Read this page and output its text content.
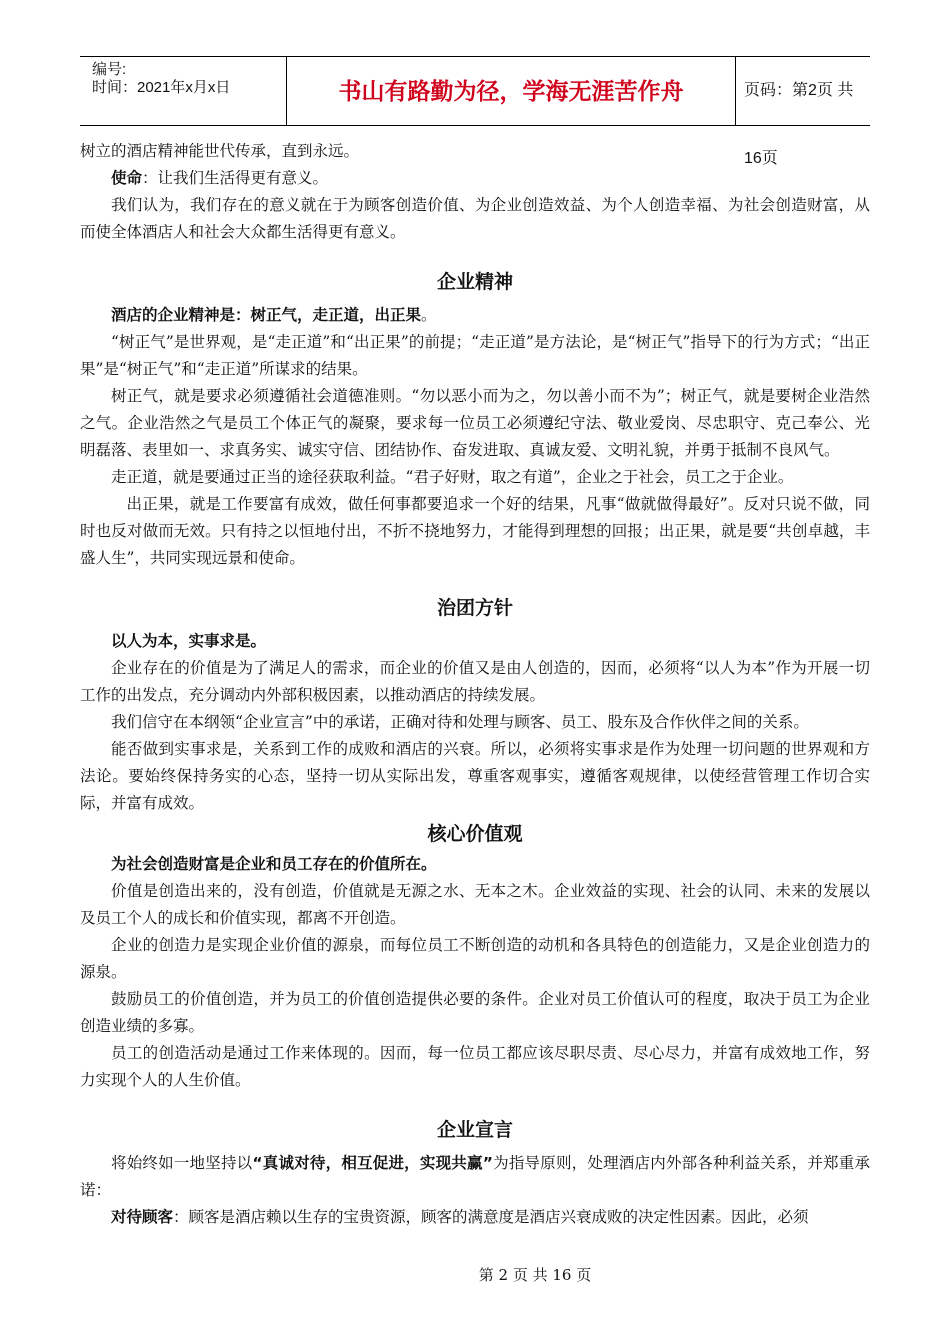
编号:
时间：2021年x月x日	书山有路勤为径，学海无涯苦作舟	页码：第2页 共16页

树立的酒店精神能世代传承，直到永远。

使命：让我们生活得更有意义。

我们认为，我们存在的意义就在于为顾客创造价值、为企业创造效益、为个人创造幸福、为社会创造财富，从而使全体酒店人和社会大众都生活得更有意义。

企业精神

酒店的企业精神是：树正气，走正道，出正果。

“树正气”是世界观，是“走正道”和“出正果”的前提；“走正道”是方法论，是“树正气”指导下的行为方式；“出正果”是“树正气”和“走正道”所谋求的结果。

树正气，就是要求必须遵循社会道德准则。“勿以恶小而为之，勿以善小而不为”；树正气，就是要树企业浩然之气。企业浩然之气是员工个体正气的凝聚，要求每一位员工必须遵纪守法、敬业爱岗、尽忠职守、克己奉公、光明磊落、表里如一、求真务实、诚实守信、团结协作、奋发进取、真诚友爱、文明礼貌，并勇于抵制不良风气。

走正道，就是要通过正当的途径获取利益。“君子好财，取之有道”，企业之于社会，员工之于企业。

出正果，就是工作要富有成效，做任何事都要追求一个好的结果，凡事“做就做得最好”。反对只说不做，同时也反对做而无效。只有持之以恒地付出，不折不挠地努力，才能得到理想的回报；出正果，就是要“共创卓越，丰盛人生”，共同实现远景和使命。

治团方针

以人为本，实事求是。

企业存在的价值是为了满足人的需求，而企业的价值又是由人创造的，因而，必须将“以人为本”作为开展一切工作的出发点，充分调动内外部积极因素，以推动酒店的持续发展。

我们信守在本纲领“企业宣言”中的承诺，正确对待和处理与顾客、员工、股东及合作伙伴之间的关系。

能否做到实事求是，关系到工作的成败和酒店的兴衰。所以，必须将实事求是作为处理一切问题的世界观和方法论。要始终保持务实的心态，坚持一切从实际出发，尊重客观事实，遵循客观规律，以使经营管理工作切合实际，并富有成效。

核心价值观

为社会创造财富是企业和员工存在的价值所在。

价值是创造出来的，没有创造，价值就是无源之水、无本之木。企业效益的实现、社会的认同、未来的发展以及员工个人的成长和价值实现，都离不开创造。

企业的创造力是实现企业价值的源泉，而每位员工不断创造的动机和各具特色的创造能力，又是企业创造力的源泉。

鼓励员工的价值创造，并为员工的价值创造提供必要的条件。企业对员工价值认可的程度，取决于员工为企业创造业绩的多寡。

员工的创造活动是通过工作来体现的。因而，每一位员工都应该尽职尽责、尽心尽力，并富有成效地工作，努力实现个人的人生价值。

企业宣言

将始终如一地坚持以“真诚对待，相互促进，实现共赢”为指导原则，处理酒店内外部各种利益关系，并郑重承诺：

对待顾客：顾客是酒店赖以生存的宝贵资源，顾客的满意度是酒店兴衰成败的决定性因素。因此，必须

第 2 页 共 16 页
